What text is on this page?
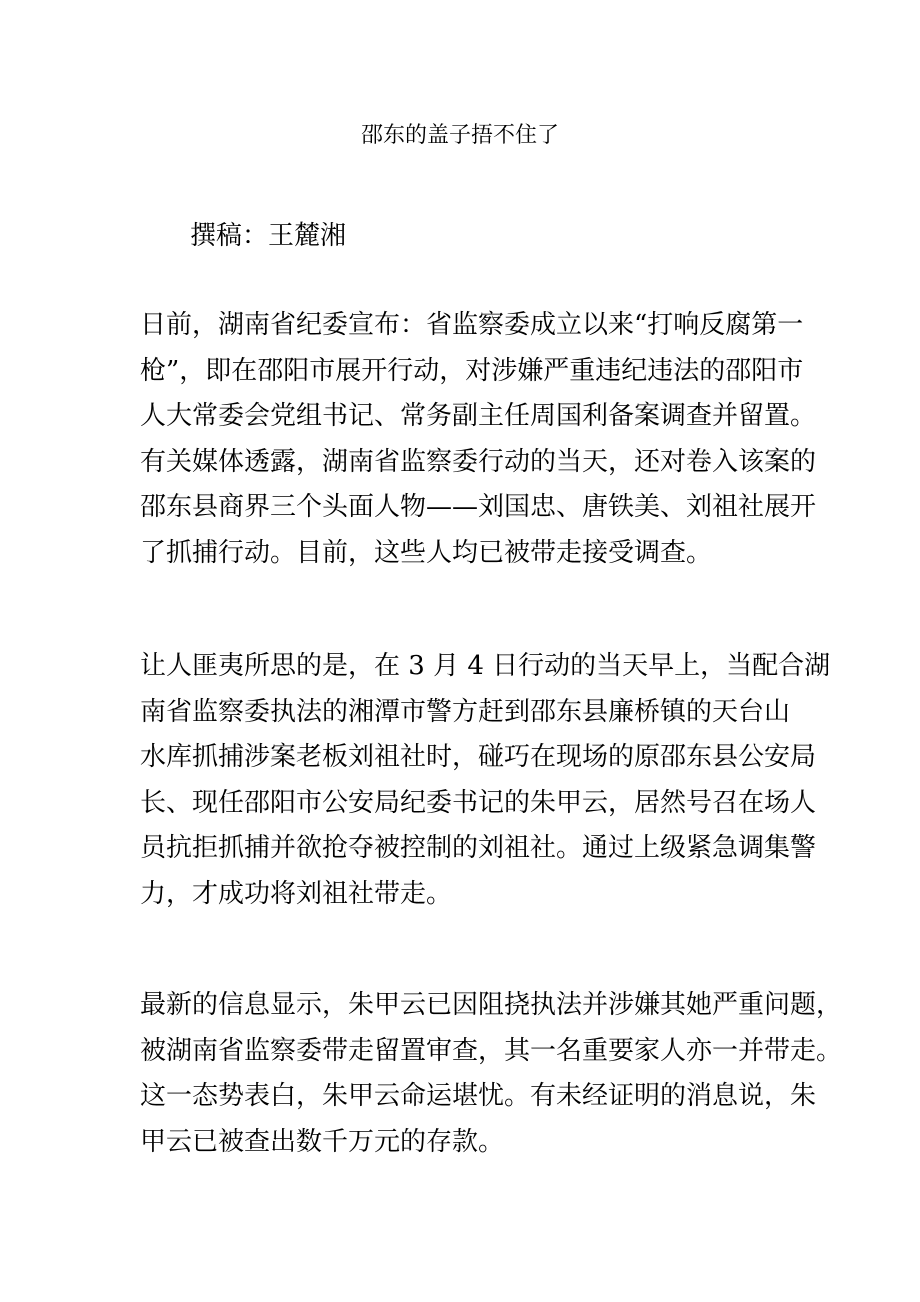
邵东的盖子捂不住了
撰稿：王麓湘

日前，湖南省纪委宣布：省监察委成立以来“打响反腐第一
枪”，即在邵阳市展开行动，对涉嫌严重违纪违法的邵阳市
人大常委会党组书记、常务副主任周国利备案调查并留置。
有关媒体透露，湖南省监察委行动的当天，还对卷入该案的
邵东县商界三个头面人物——刘国忠、唐铁美、刘祖社展开
了抓捕行动。目前，这些人均已被带走接受调查。

让人匪夷所思的是，在 3 月 4 日行动的当天早上，当配合湖
南省监察委执法的湘潭市警方赶到邵东县廉桥镇的天台山
水库抓捕涉案老板刘祖社时，碰巧在现场的原邵东县公安局
长、现任邵阳市公安局纪委书记的朱甲云，居然号召在场人
员抗拒抓捕并欲抢夺被控制的刘祖社。通过上级紧急调集警
力，才成功将刘祖社带走。

最新的信息显示，朱甲云已因阻挠执法并涉嫌其她严重问题，
被湖南省监察委带走留置审查，其一名重要家人亦一并带走。
这一态势表白，朱甲云命运堪忧。有未经证明的消息说，朱
甲云已被查出数千万元的存款。
